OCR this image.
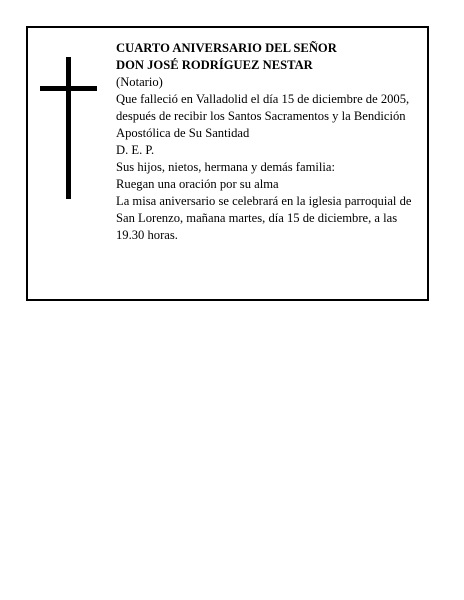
CUARTO ANIVERSARIO DEL SEÑOR

DON JOSÉ RODRÍGUEZ NESTAR

(Notario)

Que falleció en Valladolid el día 15 de diciembre de 2005, después de recibir los Santos Sacramentos y la Bendición Apostólica de Su Santidad

D. E. P.

Sus hijos, nietos, hermana y demás familia:

Ruegan una oración por su alma

La misa aniversario se celebrará en la iglesia parroquial de San Lorenzo, mañana martes, día 15 de diciembre, a las 19.30 horas.
